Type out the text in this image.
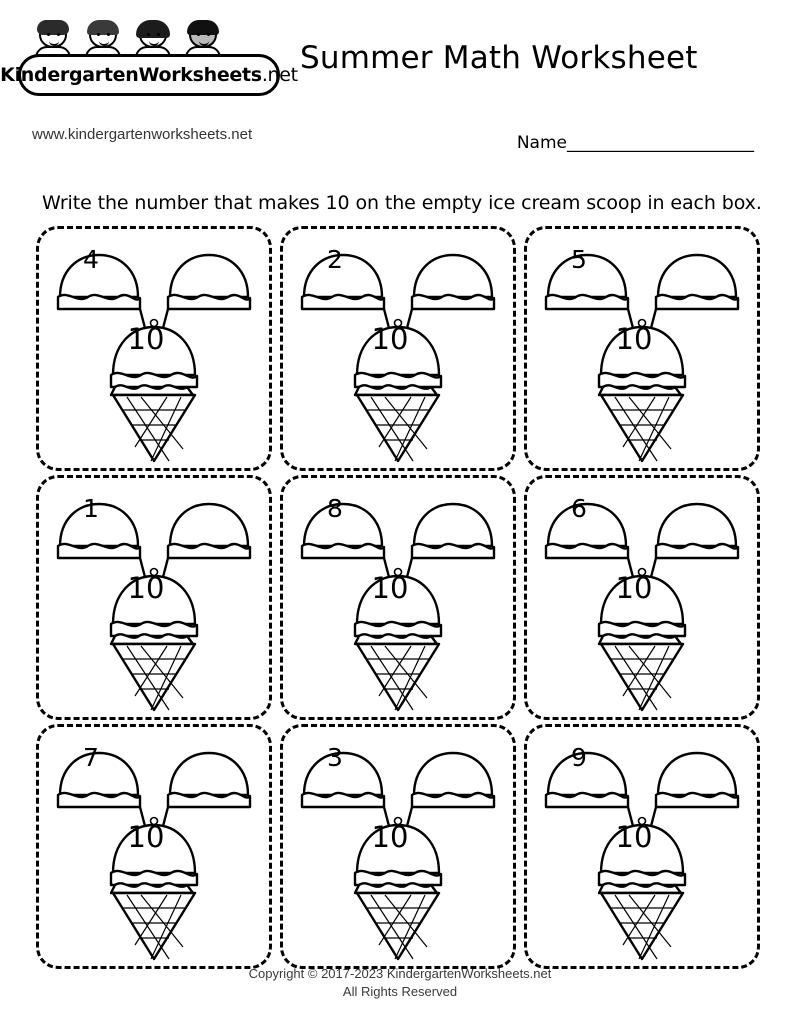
KindergartenWorksheets.net
www.kindergartenworksheets.net
Summer Math Worksheet
Name______________________
Write the number that makes 10 on the empty ice cream scoop in each box.
4
10
2
10
5
10
1
10
8
10
6
10
7
10
3
10
9
10
Copyright © 2017-2023 KindergartenWorksheets.net
All Rights Reserved
